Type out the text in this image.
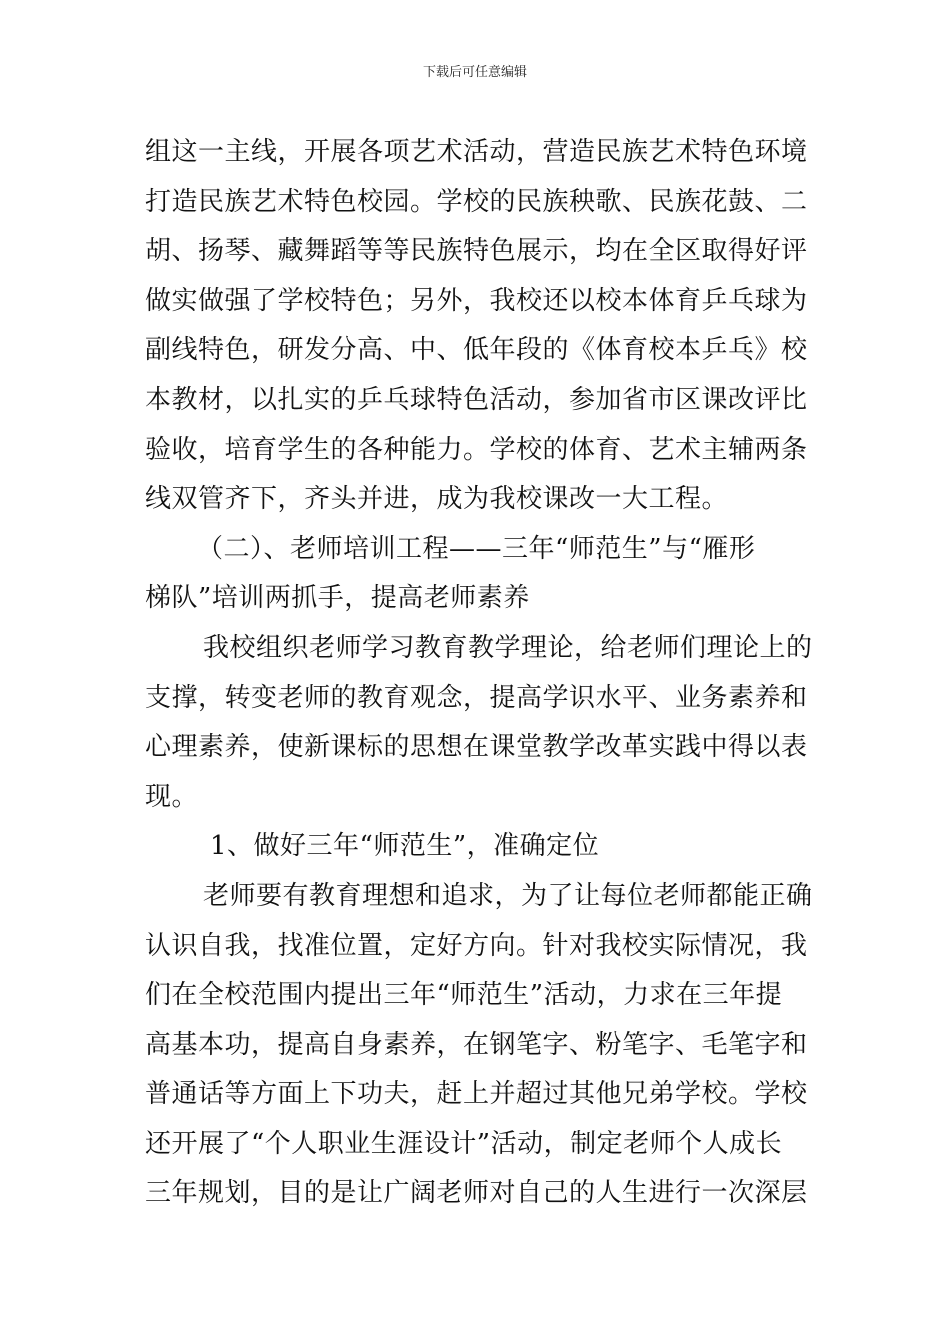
下载后可任意编辑
组这一主线，开展各项艺术活动，营造民族艺术特色环境
打造民族艺术特色校园。学校的民族秧歌、民族花鼓、二
胡、扬琴、藏舞蹈等等民族特色展示，均在全区取得好评
做实做强了学校特色；另外，我校还以校本体育乒乓球为
副线特色，研发分高、中、低年段的《体育校本乒乓》校
本教材，以扎实的乒乓球特色活动，参加省市区课改评比
验收，培育学生的各种能力。学校的体育、艺术主辅两条
线双管齐下，齐头并进，成为我校课改一大工程。
（二）、老师培训工程——三年“师范生”与“雁形
梯队”培训两抓手，提高老师素养
我校组织老师学习教育教学理论，给老师们理论上的
支撑，转变老师的教育观念，提高学识水平、业务素养和
心理素养，使新课标的思想在课堂教学改革实践中得以表
现。
1、做好三年“师范生”，准确定位
老师要有教育理想和追求，为了让每位老师都能正确
认识自我，找准位置，定好方向。针对我校实际情况，我
们在全校范围内提出三年“师范生”活动，力求在三年提
高基本功，提高自身素养，在钢笔字、粉笔字、毛笔字和
普通话等方面上下功夫，赶上并超过其他兄弟学校。学校
还开展了“个人职业生涯设计”活动，制定老师个人成长
三年规划，目的是让广阔老师对自己的人生进行一次深层
